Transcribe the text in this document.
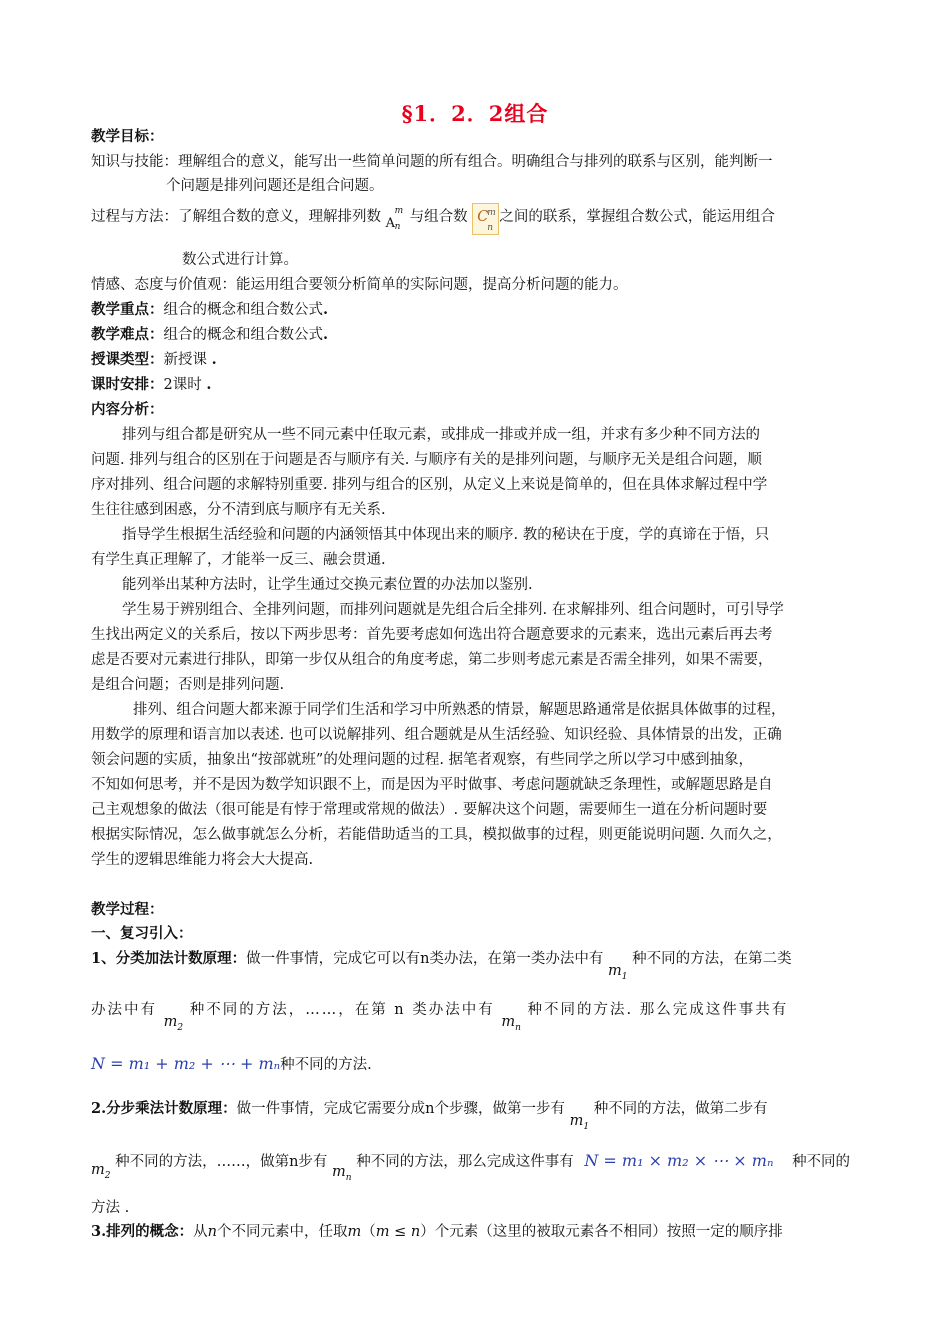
§1．2．2组合
教学目标：
知识与技能：理解组合的意义，能写出一些简单问题的所有组合。明确组合与排列的联系与区别，能判断一
个问题是排列问题还是组合问题。
过程与方法：了解组合数的意义，理解排列数 A
m
n
与组合数 C
m
n
之间的联系，掌握组合数公式，能运用组合
数公式进行计算。
情感、态度与价值观：能运用组合要领分析简单的实际问题，提高分析问题的能力。
教学重点：组合的概念和组合数公式.
教学难点：组合的概念和组合数公式.
授课类型：新授课 .
课时安排：2课时 .
内容分析：
排列与组合都是研究从一些不同元素中任取元素，或排成一排或并成一组，并求有多少种不同方法的
问题. 排列与组合的区别在于问题是否与顺序有关. 与顺序有关的是排列问题，与顺序无关是组合问题，顺
序对排列、组合问题的求解特别重要. 排列与组合的区别，从定义上来说是简单的，但在具体求解过程中学
生往往感到困惑，分不清到底与顺序有无关系.
指导学生根据生活经验和问题的内涵领悟其中体现出来的顺序. 教的秘诀在于度，学的真谛在于悟，只
有学生真正理解了，才能举一反三、融会贯通.
能列举出某种方法时，让学生通过交换元素位置的办法加以鉴别.
学生易于辨别组合、全排列问题，而排列问题就是先组合后全排列. 在求解排列、组合问题时，可引导学
生找出两定义的关系后，按以下两步思考：首先要考虑如何选出符合题意要求的元素来，选出元素后再去考
虑是否要对元素进行排队，即第一步仅从组合的角度考虑，第二步则考虑元素是否需全排列，如果不需要，
是组合问题；否则是排列问题.
排列、组合问题大都来源于同学们生活和学习中所熟悉的情景，解题思路通常是依据具体做事的过程，
用数学的原理和语言加以表述. 也可以说解排列、组合题就是从生活经验、知识经验、具体情景的出发，正确
领会问题的实质，抽象出“按部就班”的处理问题的过程. 据笔者观察，有些同学之所以学习中感到抽象，
不知如何思考，并不是因为数学知识跟不上，而是因为平时做事、考虑问题就缺乏条理性，或解题思路是自
己主观想象的做法（很可能是有悖于常理或常规的做法）. 要解决这个问题，需要师生一道在分析问题时要
根据实际情况，怎么做事就怎么分析，若能借助适当的工具，模拟做事的过程，则更能说明问题. 久而久之，
学生的逻辑思维能力将会大大提高.
教学过程：
一、复习引入：
1、分类加法计数原理：做一件事情，完成它可以有n类办法，在第一类办法中有 $m_1$ 种不同的方法，在第二类
办法中有 $m_2$ 种不同的方法，……，在第 n 类办法中有 $m_n$ 种不同的方法. 那么完成这件事共有
N = m₁ + m₂ + ⋯ + mₙ种不同的方法.
2.分步乘法计数原理：做一件事情，完成它需要分成n个步骤，做第一步有 $m_1$ 种不同的方法，做第二步有
$m_2$ 种不同的方法，……，做第n步有 $m_n$ 种不同的方法，那么完成这件事有 N = m₁ × m₂ × ⋯ × mₙ 种不同的
方法 .
3.排列的概念：从n个不同元素中，任取m（m ≤ n）个元素（这里的被取元素各不相同）按照一定的顺序排
